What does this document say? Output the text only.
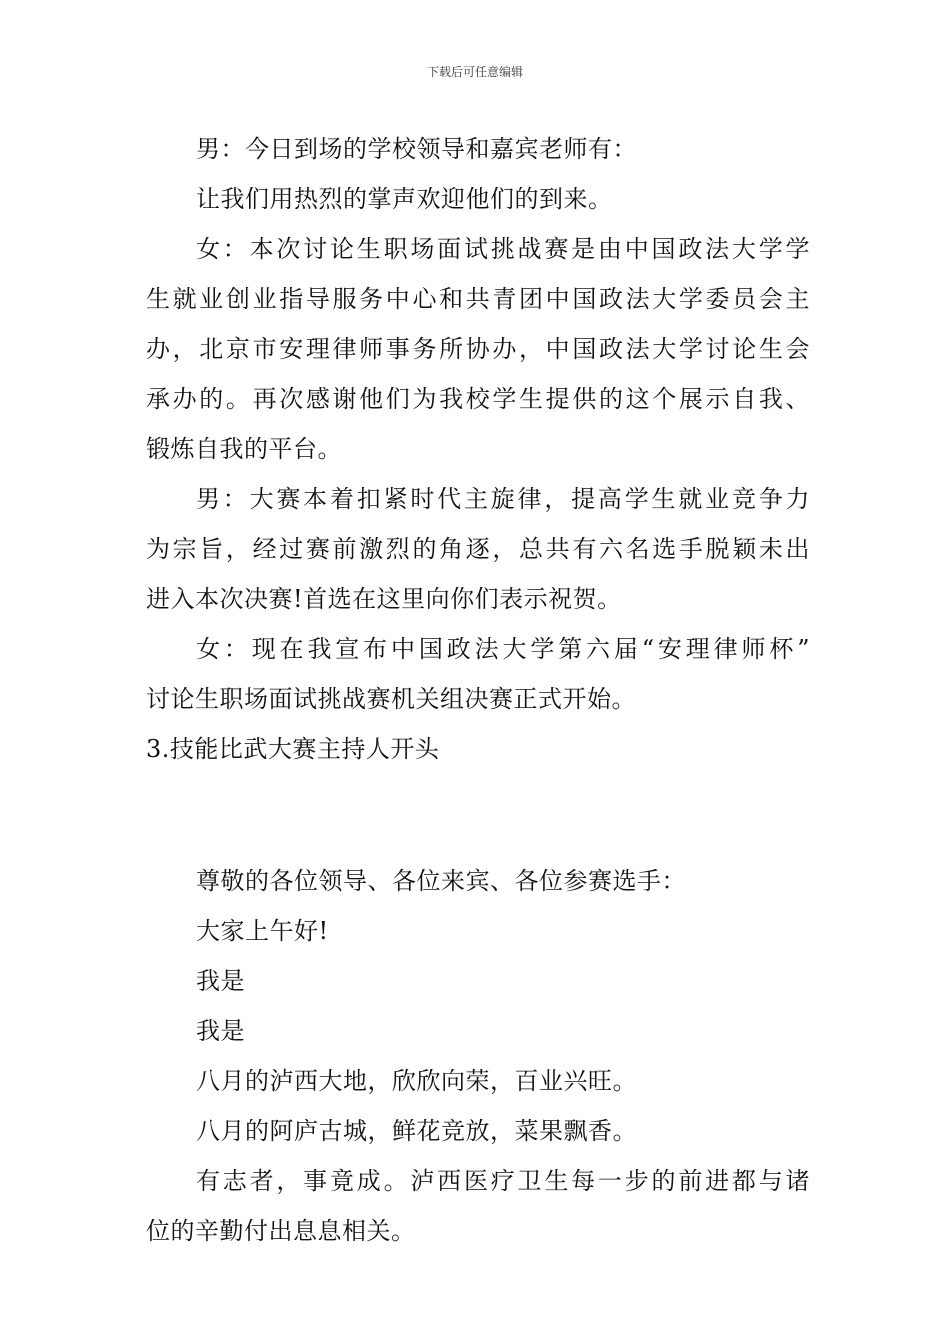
下载后可任意编辑
男：今日到场的学校领导和嘉宾老师有：
让我们用热烈的掌声欢迎他们的到来。
女：本次讨论生职场面试挑战赛是由中国政法大学学
生就业创业指导服务中心和共青团中国政法大学委员会主
办，北京市安理律师事务所协办，中国政法大学讨论生会
承办的。再次感谢他们为我校学生提供的这个展示自我、
锻炼自我的平台。
男：大赛本着扣紧时代主旋律，提高学生就业竞争力
为宗旨，经过赛前激烈的角逐，总共有六名选手脱颖未出
进入本次决赛!首选在这里向你们表示祝贺。
女：现在我宣布中国政法大学第六届“安理律师杯”
讨论生职场面试挑战赛机关组决赛正式开始。
3.技能比武大赛主持人开头
尊敬的各位领导、各位来宾、各位参赛选手：
大家上午好!
我是
我是
八月的泸西大地，欣欣向荣，百业兴旺。
八月的阿庐古城，鲜花竞放，菜果飘香。
有志者，事竟成。泸西医疗卫生每一步的前进都与诸
位的辛勤付出息息相关。
